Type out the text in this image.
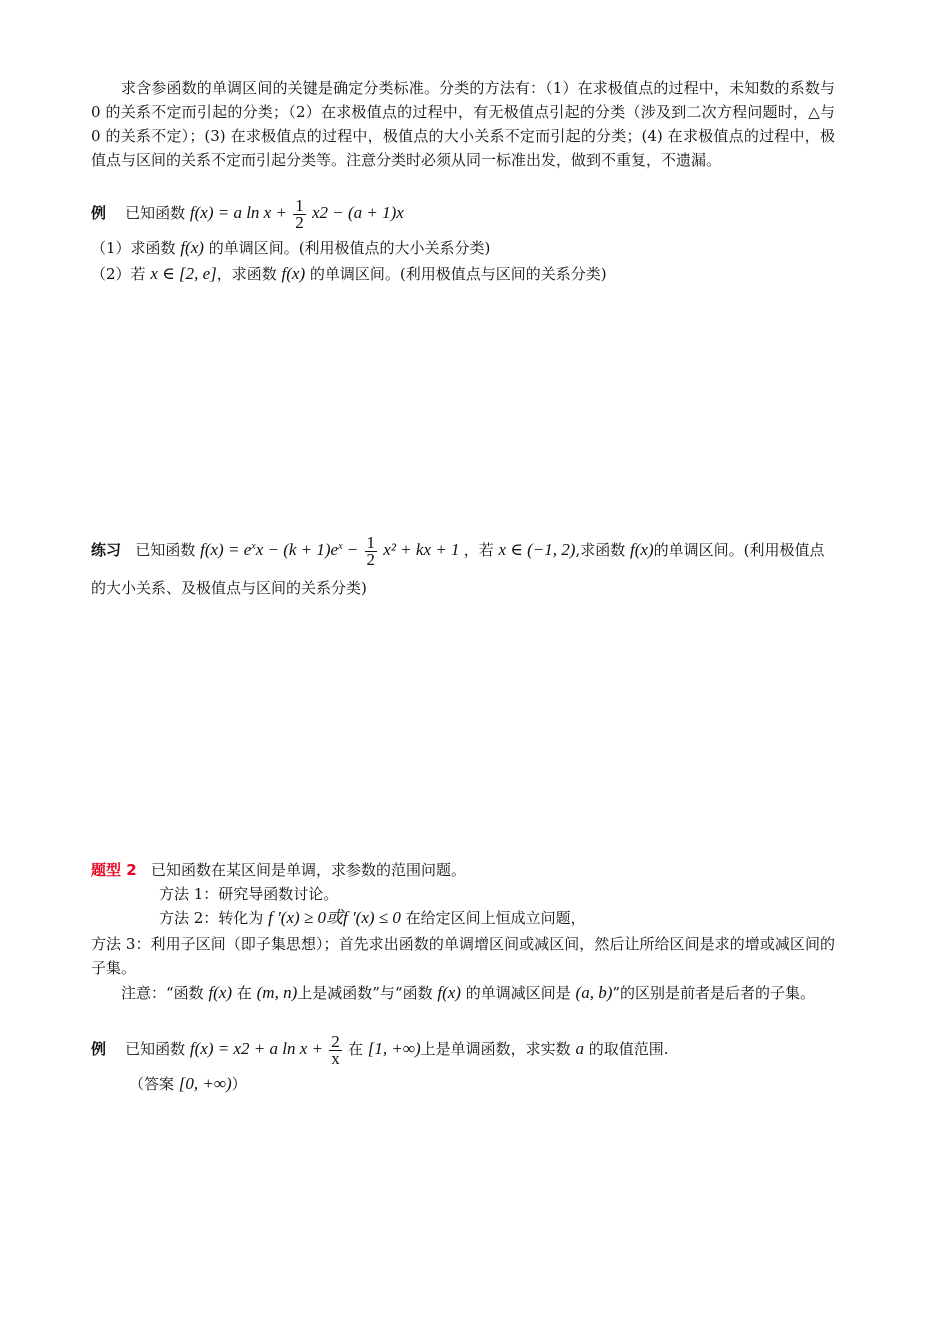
求含参函数的单调区间的关键是确定分类标准。分类的方法有：（1）在求极值点的过程中，未知数的系数与 0 的关系不定而引起的分类；（2）在求极值点的过程中，有无极值点引起的分类（涉及到二次方程问题时，△与 0 的关系不定）；(3) 在求极值点的过程中，极值点的大小关系不定而引起的分类；(4) 在求极值点的过程中，极值点与区间的关系不定而引起分类等。注意分类时必须从同一标准出发，做到不重复，不遗漏。
例 已知函数 f(x) = a $\ln x + \frac{1}{2} x2 - (a + 1)x$
（1）求函数 f(x) 的单调区间。(利用极值点的大小关系分类)
（2）若 x ∈ [2, e]，求函数 f(x) 的单调区间。(利用极值点与区间的关系分类)
练习 已知函数 $f(x) = e^xx - (k + 1)e^x - \frac{1}{2} x^2$ + kx + 1 ，若 x ∈ (−1, 2),求函数 f(x)的单调区间。(利用极值点的大小关系、及极值点与区间的关系分类)
题型 2 已知函数在某区间是单调，求参数的范围问题。
方法 1：研究导函数讨论。
方法 2：转化为 f ′(x) ≥ 0或f ′(x) ≤ 0 在给定区间上恒成立问题，
方法 3：利用子区间（即子集思想）；首先求出函数的单调增区间或减区间，然后让所给区间是求的增或减区间的子集。
注意：“函数 f(x) 在 (m, n)上是减函数”与“函数 f(x) 的单调减区间是 (a, b)”的区别是前者是后者的子集。
例 已知函数 f(x) = x2 + a $\ln x + \frac{2}{x}$ 在 [1, +∞)上是单调函数，求实数 a 的取值范围.
（答案 [0, +∞)）
